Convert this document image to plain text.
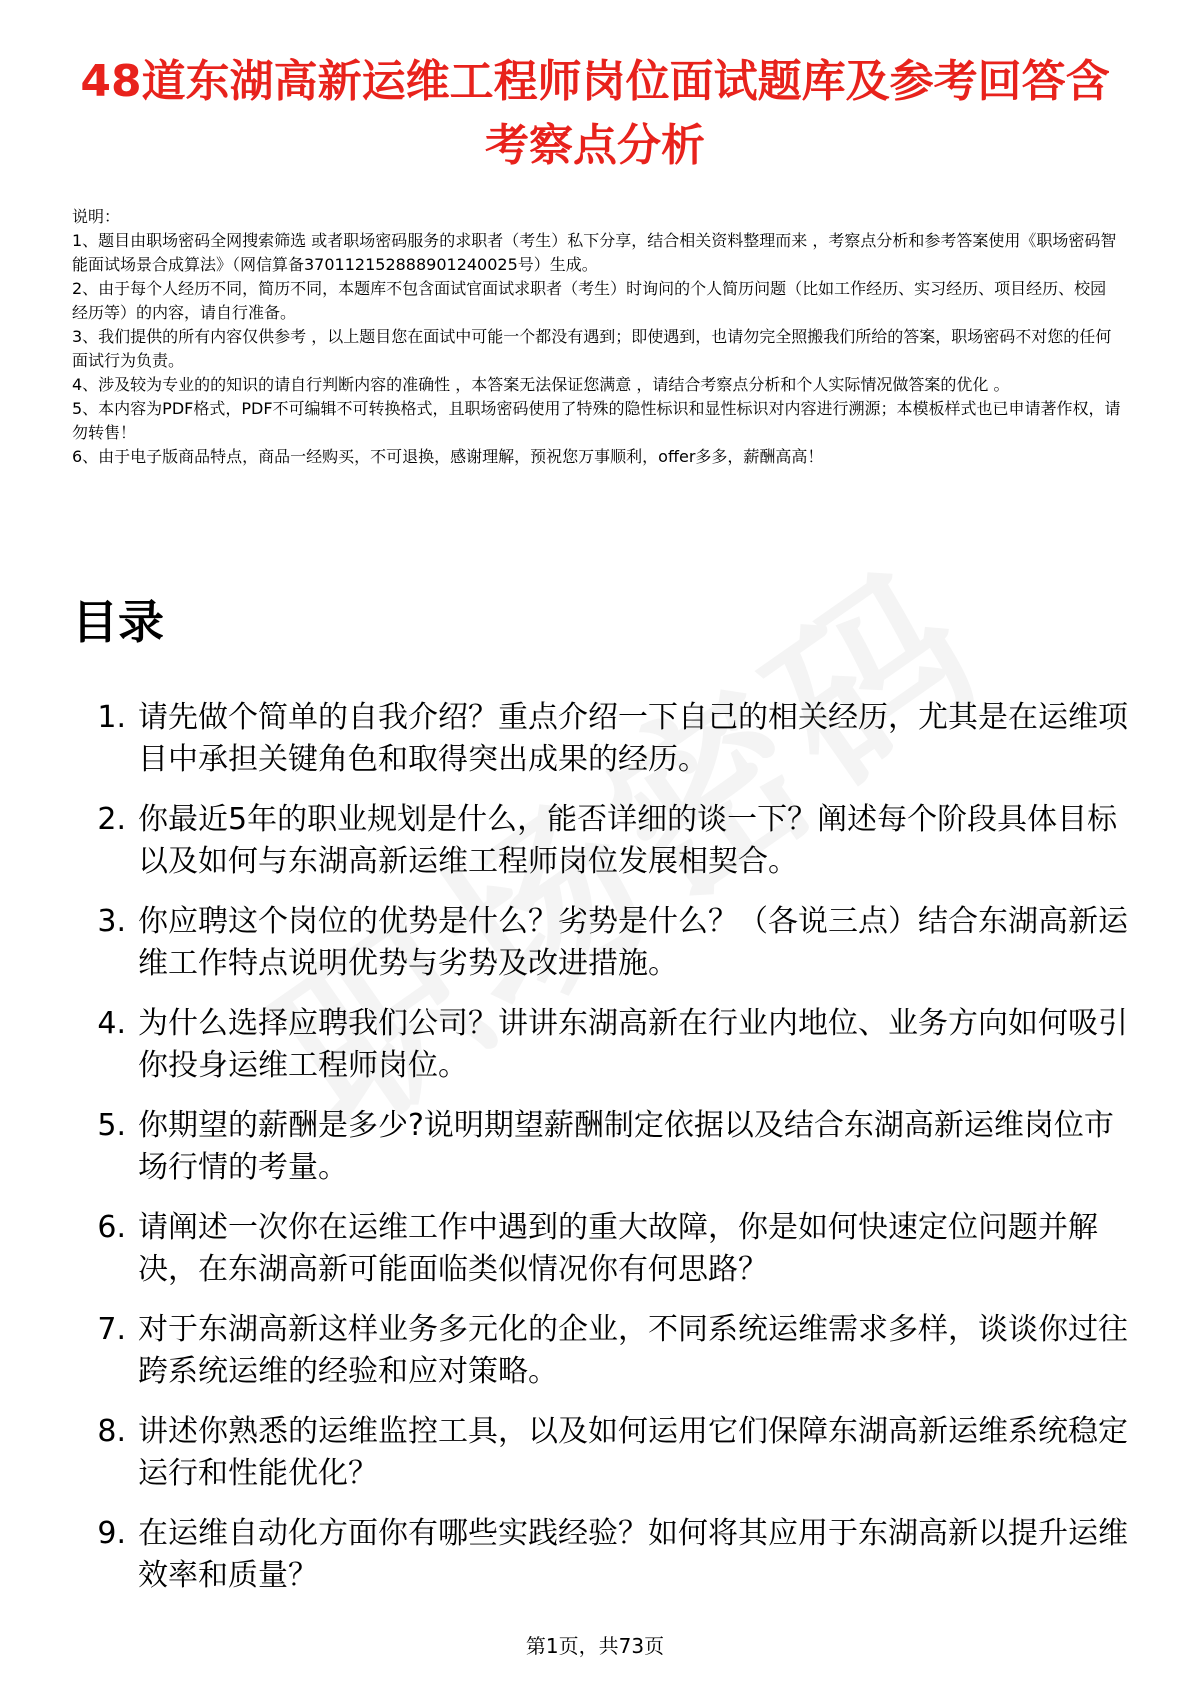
48道东湖高新运维工程师岗位面试题库及参考回答含考察点分析
说明：
1、题目由职场密码全网搜索筛选 或者职场密码服务的求职者（考生）私下分享，结合相关资料整理而来 ，考察点分析和参考答案使用《职场密码智能面试场景合成算法》（网信算备370112152888901240025号）生成。
2、由于每个人经历不同，简历不同，本题库不包含面试官面试求职者（考生）时询问的个人简历问题（比如工作经历、实习经历、项目经历、校园经历等）的内容，请自行准备。
3、我们提供的所有内容仅供参考 ，以上题目您在面试中可能一个都没有遇到；即使遇到，也请勿完全照搬我们所给的答案，职场密码不对您的任何面试行为负责。
4、涉及较为专业的的知识的请自行判断内容的准确性 ，本答案无法保证您满意 ，请结合考察点分析和个人实际情况做答案的优化 。
5、本内容为PDF格式，PDF不可编辑不可转换格式，且职场密码使用了特殊的隐性标识和显性标识对内容进行溯源；本模板样式也已申请著作权，请勿转售！
6、由于电子版商品特点，商品一经购买，不可退换，感谢理解，预祝您万事顺利，offer多多，薪酬高高！
目录
1. 请先做个简单的自我介绍？重点介绍一下自己的相关经历，尤其是在运维项目中承担关键角色和取得突出成果的经历。
2. 你最近5年的职业规划是什么，能否详细的谈一下？阐述每个阶段具体目标以及如何与东湖高新运维工程师岗位发展相契合。
3. 你应聘这个岗位的优势是什么？劣势是什么？（各说三点）结合东湖高新运维工作特点说明优势与劣势及改进措施。
4. 为什么选择应聘我们公司？讲讲东湖高新在行业内地位、业务方向如何吸引你投身运维工程师岗位。
5. 你期望的薪酬是多少?说明期望薪酬制定依据以及结合东湖高新运维岗位市场行情的考量。
6. 请阐述一次你在运维工作中遇到的重大故障，你是如何快速定位问题并解决，在东湖高新可能面临类似情况你有何思路？
7. 对于东湖高新这样业务多元化的企业，不同系统运维需求多样，谈谈你过往跨系统运维的经验和应对策略。
8. 讲述你熟悉的运维监控工具，以及如何运用它们保障东湖高新运维系统稳定运行和性能优化？
9. 在运维自动化方面你有哪些实践经验？如何将其应用于东湖高新以提升运维效率和质量？
第1页，共73页
